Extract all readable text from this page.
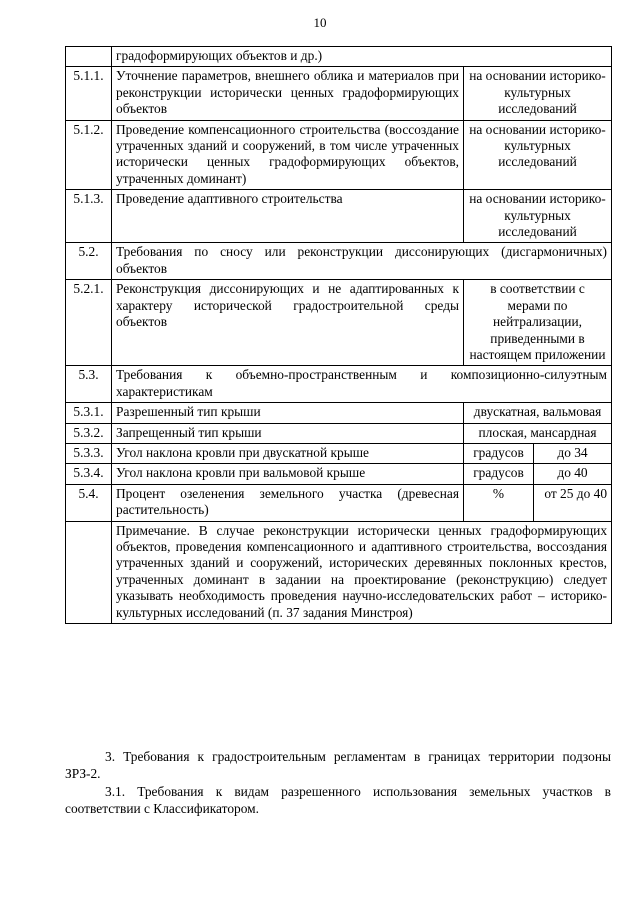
10
	градоформирующих объектов и др.)		
5.1.1.	Уточнение параметров, внешнего облика и материалов при реконструкции исторически ценных градоформирующих объектов	на основании историко-культурных исследований	
5.1.2.	Проведение компенсационного строительства (воссоздание утраченных зданий и сооружений, в том числе утраченных исторически ценных градоформирующих объектов, утраченных доминант)	на основании историко-культурных исследований	
5.1.3.	Проведение адаптивного строительства	на основании историко-культурных исследований	
5.2.	Требования по сносу или реконструкции диссонирующих (дисгармоничных) объектов		
5.2.1.	Реконструкция диссонирующих и не адаптированных к характеру исторической градостроительной среды объектов	в соответствии с мерами по нейтрализации, приведенными в настоящем приложении	
5.3.	Требования к объемно-пространственным и композиционно-силуэтным характеристикам		
5.3.1.	Разрешенный тип крыши	двускатная, вальмовая	
5.3.2.	Запрещенный тип крыши	плоская, мансардная	
5.3.3.	Угол наклона кровли при двускатной крыше	градусов	до 34
5.3.4.	Угол наклона кровли при вальмовой крыше	градусов	до 40
5.4.	Процент озеленения земельного участка (древесная растительность)	%	от 25 до 40
	Примечание. В случае реконструкции исторически ценных градоформирующих объектов, проведения компенсационного и адаптивного строительства, воссоздания утраченных зданий и сооружений, исторических деревянных поклонных крестов, утраченных доминант в задании на проектирование (реконструкцию) следует указывать необходимость проведения научно-исследовательских работ – историко-культурных исследований (п. 37 задания Минстроя)		
3. Требования к градостроительным регламентам в границах территории подзоны ЗРЗ-2.
3.1. Требования к видам разрешенного использования земельных участков в соответствии с Классификатором.
